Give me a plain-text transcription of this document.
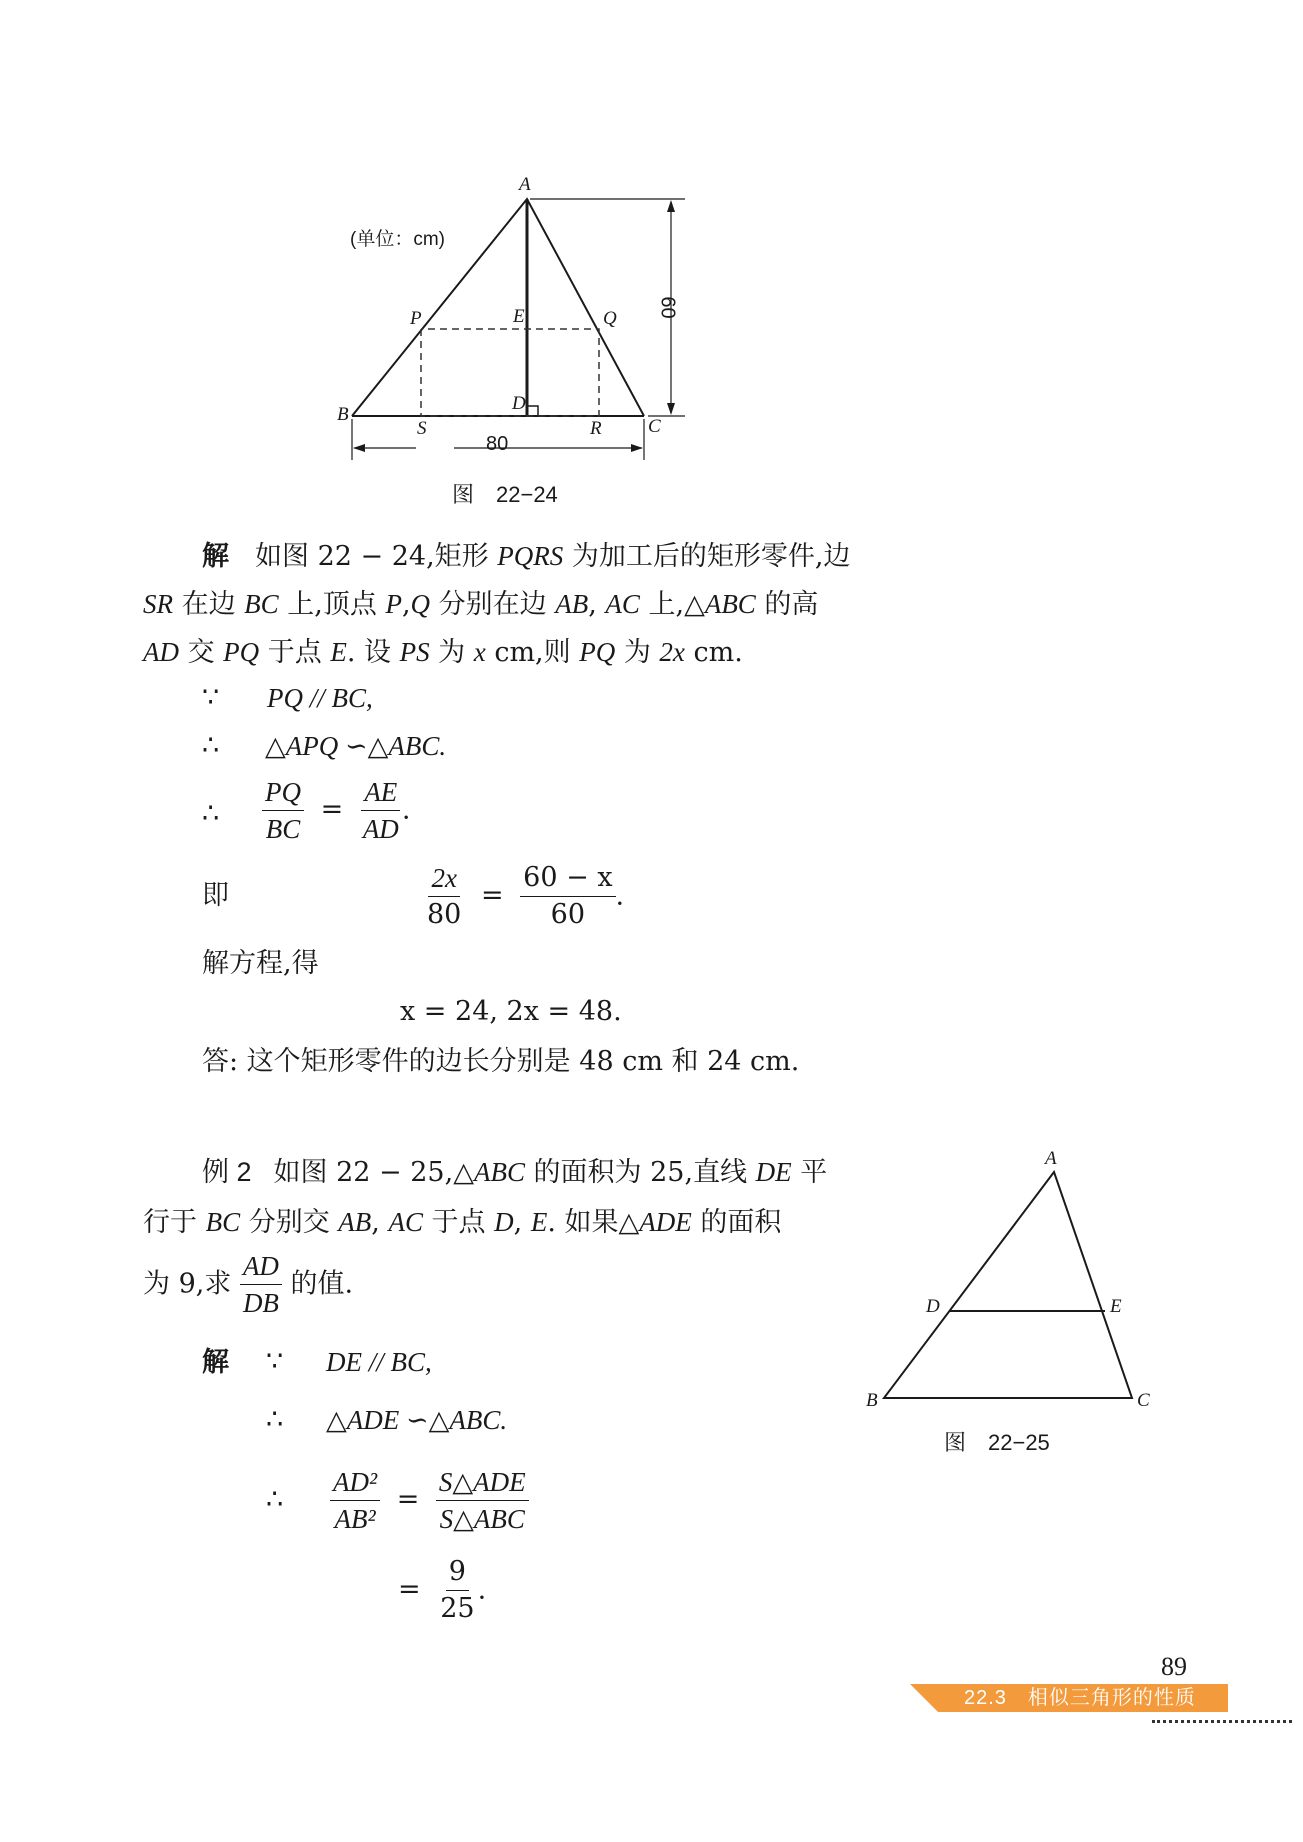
(单位：cm)
A
B
C
D
E
P	Q
R
S
80
60
图　22−24
解 如图 22 − 24,矩形 PQRS 为加工后的矩形零件,边
SR 在边 BC 上,顶点 P,Q 分别在边 AB, AC 上,△ABC 的高
AD 交 PQ 于点 E. 设 PS 为 x cm,则 PQ 为 2x cm.
∵ PQ // BC,
∴ △APQ ∽△ABC.
∴ $\frac{PQ}{BC} = \frac{AE}{AD}$ .
即	$\frac{2x}{80} = \frac{60 - x}{60}$ .
解方程,得
x = 24, 2x = 48.
答: 这个矩形零件的边长分别是 48 cm 和 24 cm.
例 2 如图 22 − 25,△ABC 的面积为 25,直线 DE 平
行于 BC 分别交 AB, AC 于点 D, E. 如果△ADE 的面积
为 9,求 $\frac{AD}{DB}$ 的值.
解 ∵ DE // BC,
∴ △ADE ∽△ABC.
∴ $\frac{\text{AD²}}{\text{AB²}} = \frac{\text{S△ADE}}{\text{S△ABC}}$
= $\frac{9}{25}$ .
A
B	C
D	E
图　22−25
89
22.3　相似三角形的性质
